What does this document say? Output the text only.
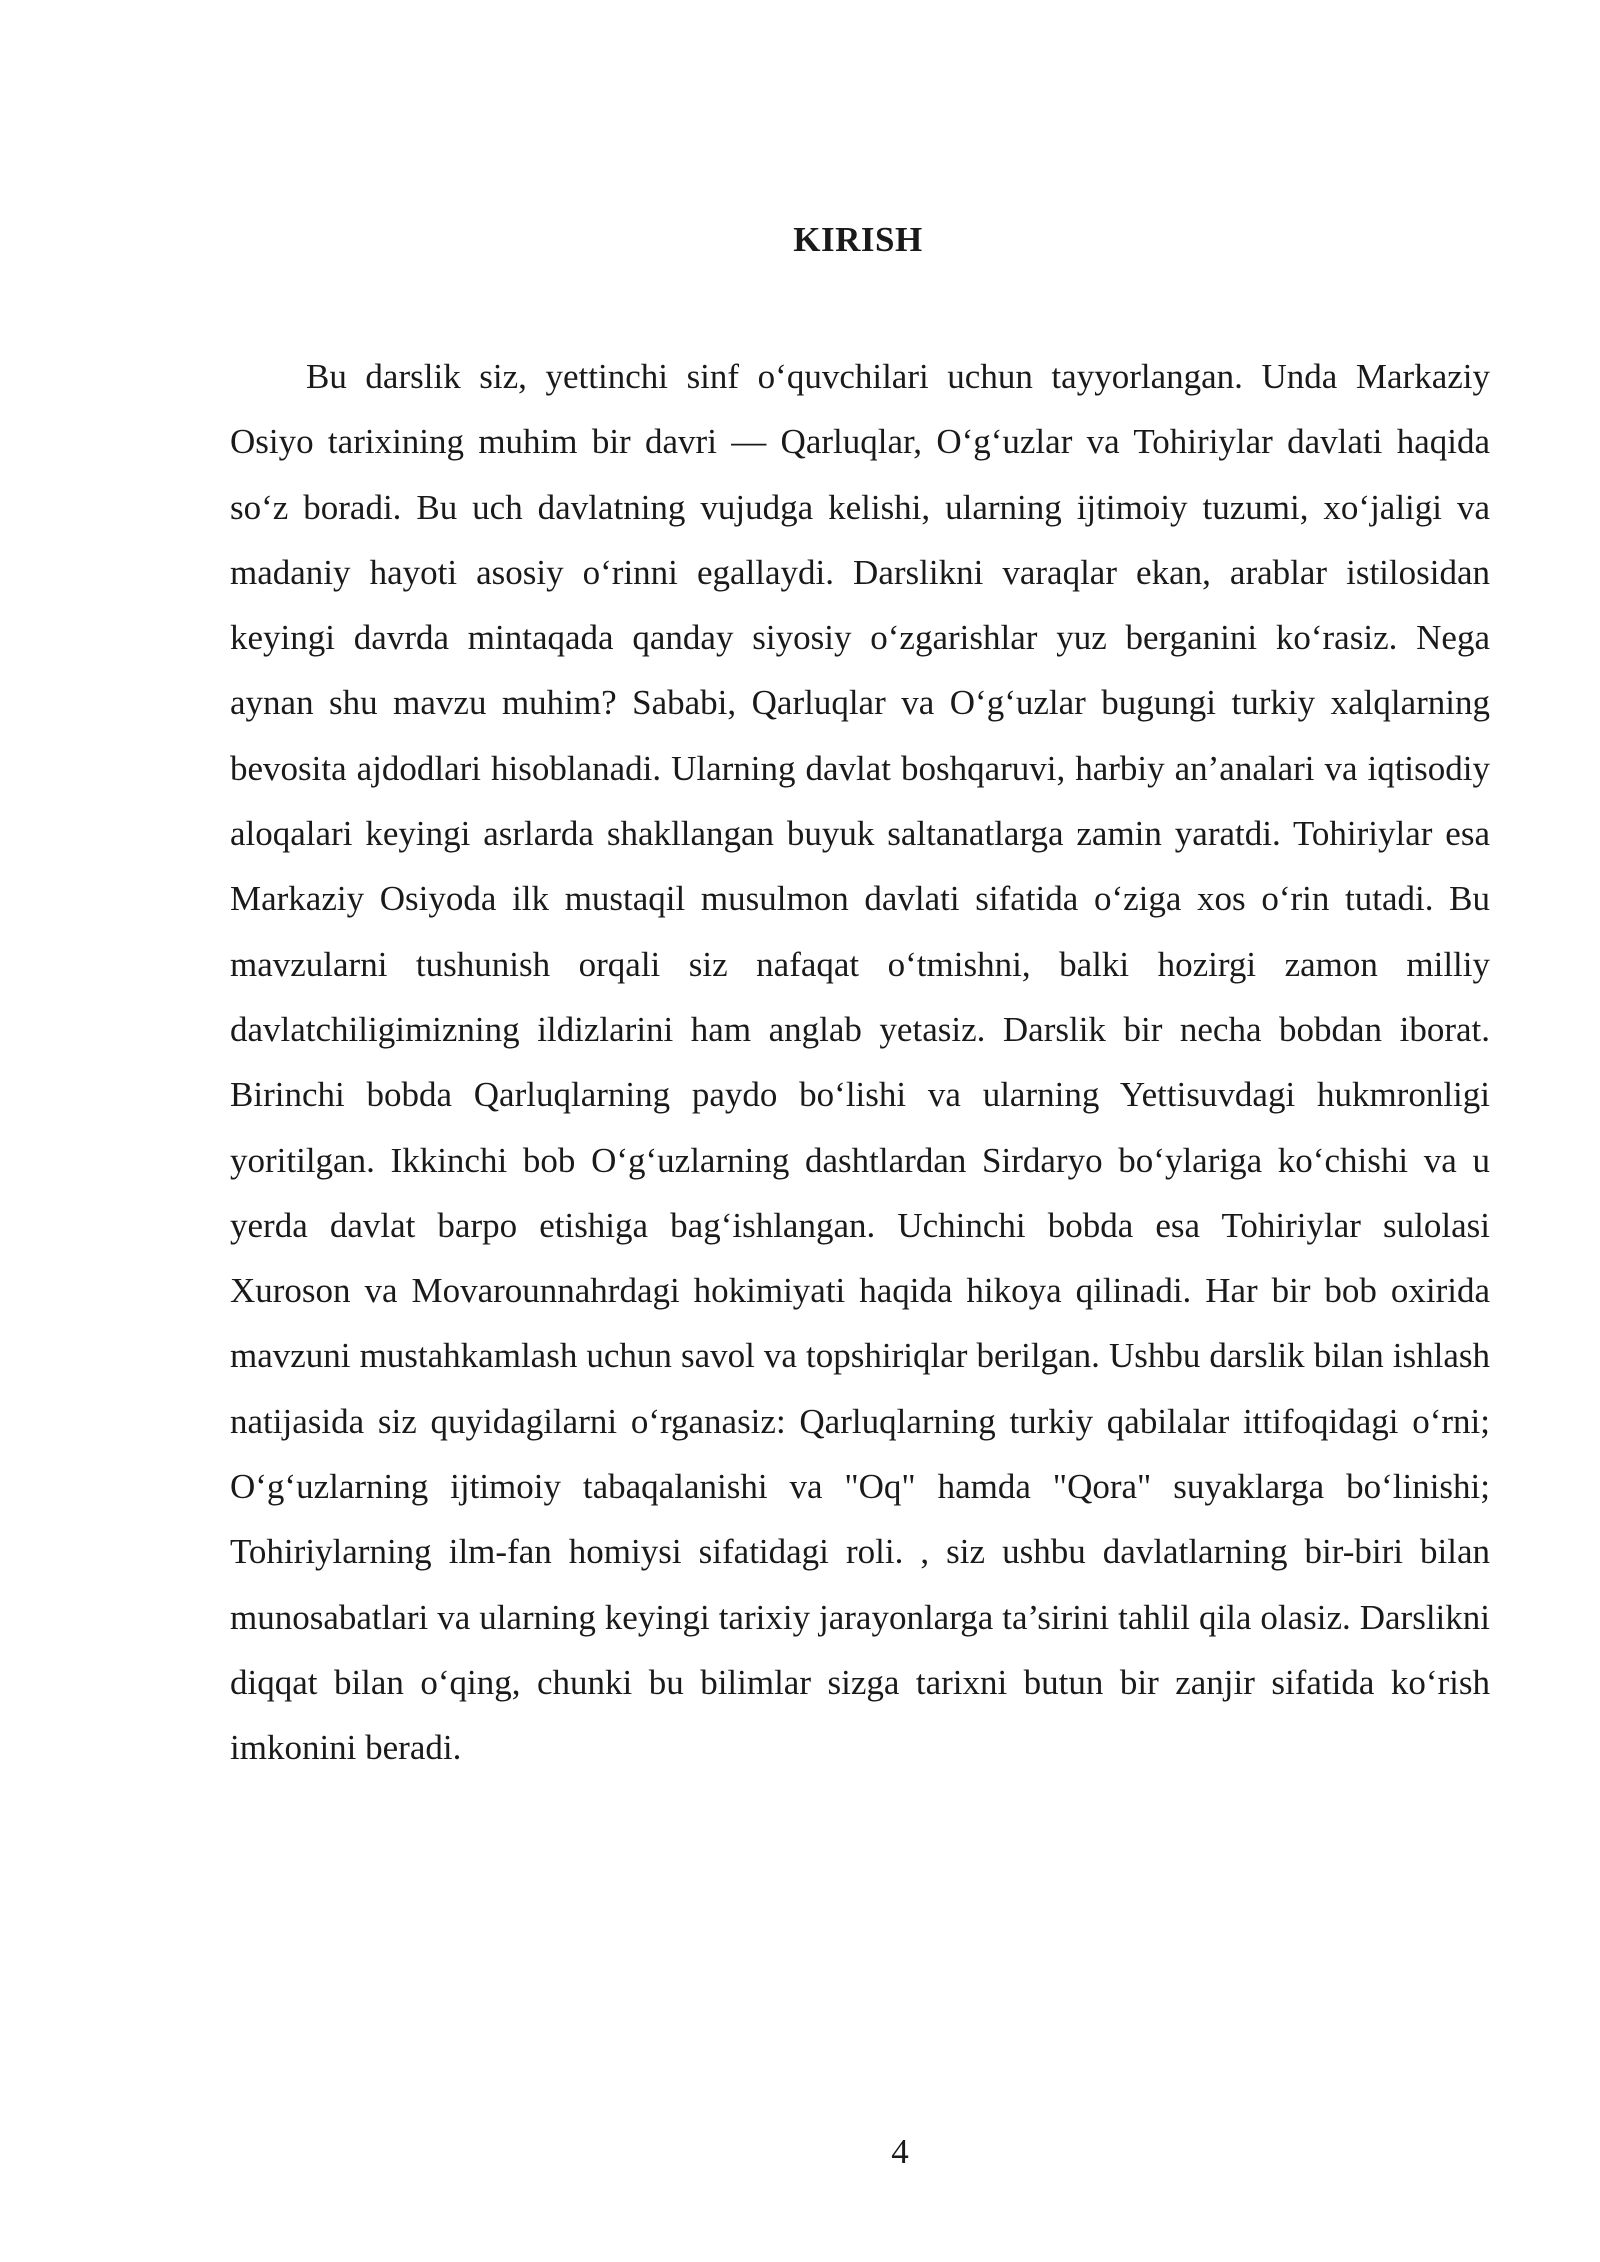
KIRISH

Bu darslik siz, yettinchi sinf o‘quvchilari uchun tayyorlangan. Unda Markaziy Osiyo tarixining muhim bir davri — Qarluqlar, O‘g‘uzlar va Tohiriylar davlati haqida so‘z boradi. Bu uch davlatning vujudga kelishi, ularning ijtimoiy tuzumi, xo‘jaligi va madaniy hayoti asosiy o‘rinni egallaydi. Darslikni varaqlar ekan, arablar istilosidan keyingi davrda mintaqada qanday siyosiy o‘zgarishlar yuz berganini ko‘rasiz. Nega aynan shu mavzu muhim? Sababi, Qarluqlar va O‘g‘uzlar bugungi turkiy xalqlarning bevosita ajdodlari hisoblanadi. Ularning davlat boshqaruvi, harbiy an’analari va iqtisodiy aloqalari keyingi asrlarda shakllangan buyuk saltanatlarga zamin yaratdi. Tohiriylar esa Markaziy Osiyoda ilk mustaqil musulmon davlati sifatida o‘ziga xos o‘rin tutadi. Bu mavzularni tushunish orqali siz nafaqat o‘tmishni, balki hozirgi zamon milliy davlatchiligimizning ildizlarini ham anglab yetasiz. Darslik bir necha bobdan iborat. Birinchi bobda Qarluqlarning paydo bo‘lishi va ularning Yettisuvdagi hukmronligi yoritilgan. Ikkinchi bob O‘g‘uzlarning dashtlardan Sirdaryo bo‘ylariga ko‘chishi va u yerda davlat barpo etishiga bag‘ishlangan. Uchinchi bobda esa Tohiriylar sulolasi Xuroson va Movarounnahrdagi hokimiyati haqida hikoya qilinadi. Har bir bob oxirida mavzuni mustahkamlash uchun savol va topshiriqlar berilgan. Ushbu darslik bilan ishlash natijasida siz quyidagilarni o‘rganasiz: Qarluqlarning turkiy qabilalar ittifoqidagi o‘rni; O‘g‘uzlarning ijtimoiy tabaqalanishi va "Oq" hamda "Qora" suyaklarga bo‘linishi; Tohiriylarning ilm-fan homiysi sifatidagi roli. , siz ushbu davlatlarning bir-biri bilan munosabatlari va ularning keyingi tarixiy jarayonlarga ta’sirini tahlil qila olasiz. Darslikni diqqat bilan o‘qing, chunki bu bilimlar sizga tarixni butun bir zanjir sifatida ko‘rish imkonini beradi.

4
